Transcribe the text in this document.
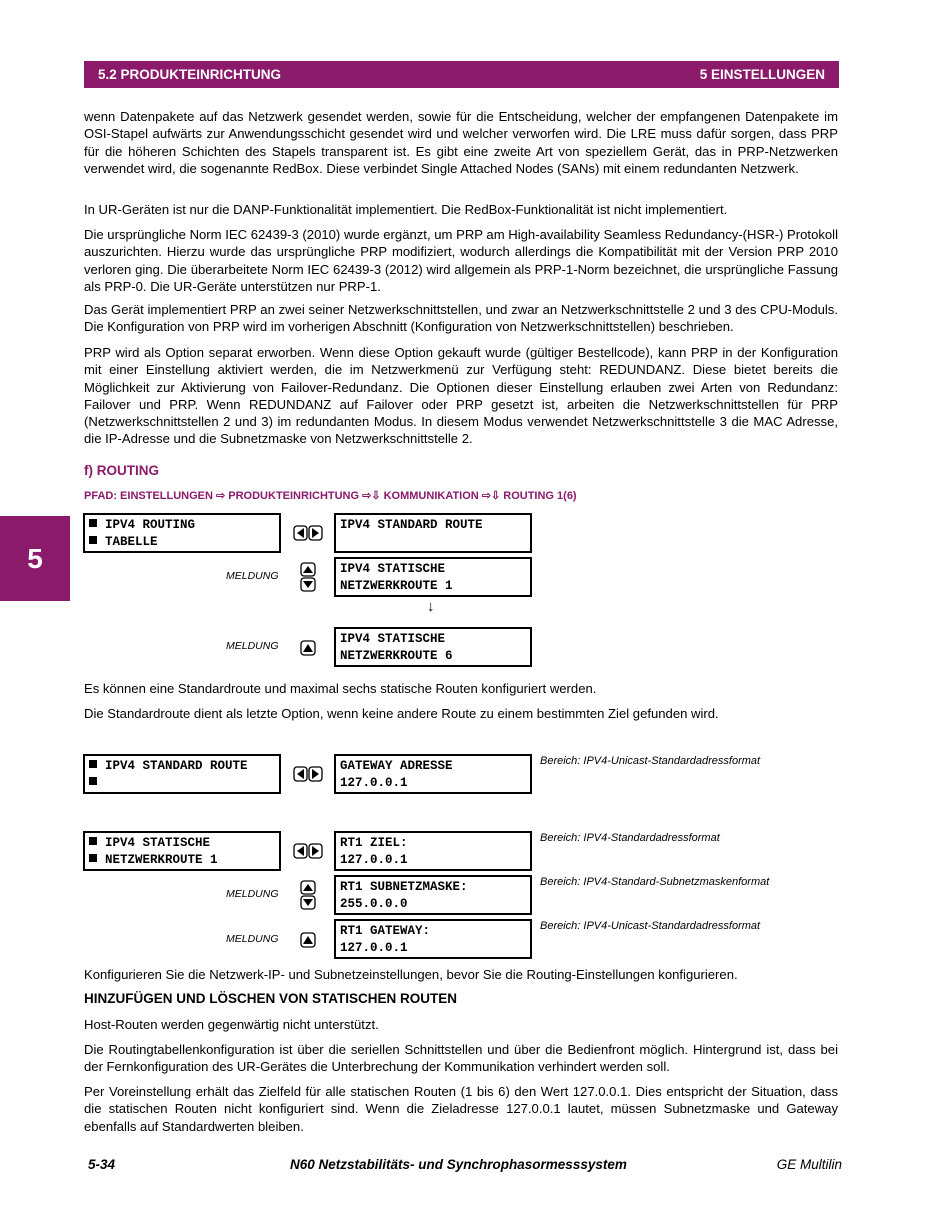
5.2 PRODUKTEINRICHTUNG	5 EINSTELLUNGEN
5

wenn Datenpakete auf das Netzwerk gesendet werden, sowie für die Entscheidung, welcher der empfangenen Datenpakete im OSI-Stapel aufwärts zur Anwendungsschicht gesendet wird und welcher verworfen wird. Die LRE muss dafür sorgen, dass PRP für die höheren Schichten des Stapels transparent ist. Es gibt eine zweite Art von speziellem Gerät, das in PRP-Netzwerken verwendet wird, die sogenannte RedBox. Diese verbindet Single Attached Nodes (SANs) mit einem redundanten Netzwerk.

In UR-Geräten ist nur die DANP-Funktionalität implementiert. Die RedBox-Funktionalität ist nicht implementiert.

Die ursprüngliche Norm IEC 62439-3 (2010) wurde ergänzt, um PRP am High-availability Seamless Redundancy-(HSR-) Protokoll auszurichten. Hierzu wurde das ursprüngliche PRP modifiziert, wodurch allerdings die Kompatibilität mit der Version PRP 2010 verloren ging. Die überarbeitete Norm IEC 62439-3 (2012) wird allgemein als PRP-1-Norm bezeichnet, die ursprüngliche Fassung als PRP-0. Die UR-Geräte unterstützen nur PRP-1.

Das Gerät implementiert PRP an zwei seiner Netzwerkschnittstellen, und zwar an Netzwerkschnittstelle 2 und 3 des CPU-Moduls. Die Konfiguration von PRP wird im vorherigen Abschnitt (Konfiguration von Netzwerkschnittstellen) beschrieben.

PRP wird als Option separat erworben. Wenn diese Option gekauft wurde (gültiger Bestellcode), kann PRP in der Konfiguration mit einer Einstellung aktiviert werden, die im Netzwerkmenü zur Verfügung steht: REDUNDANZ. Diese bietet bereits die Möglichkeit zur Aktivierung von Failover-Redundanz. Die Optionen dieser Einstellung erlauben zwei Arten von Redundanz: Failover und PRP. Wenn REDUNDANZ auf Failover oder PRP gesetzt ist, arbeiten die Netzwerkschnittstellen für PRP (Netzwerkschnittstellen 2 und 3) im redundanten Modus. In diesem Modus verwendet Netzwerkschnittstelle 3 die MAC Adresse, die IP-Adresse und die Subnetzmaske von Netzwerkschnittstelle 2.

f) ROUTING
PFAD: EINSTELLUNGEN ⇨ PRODUKTEINRICHTUNG ⇨⇩ KOMMUNIKATION ⇨⇩ ROUTING 1(6)
IPV4 ROUTING
TABELLE
IPV4 STANDARD ROUTE
MELDUNG	IPV4 STATISCHE
NETZWERKROUTE 1
↓
MELDUNG	IPV4 STATISCHE
NETZWERKROUTE 6

Es können eine Standardroute und maximal sechs statische Routen konfiguriert werden.

Die Standardroute dient als letzte Option, wenn keine andere Route zu einem bestimmten Ziel gefunden wird.

IPV4 STANDARD ROUTE	GATEWAY ADRESSE
127.0.0.1
Bereich: IPV4-Unicast-Standardadressformat
IPV4 STATISCHE
NETZWERKROUTE 1
RT1 ZIEL:
127.0.0.1
Bereich: IPV4-Standardadressformat
MELDUNG	RT1 SUBNETZMASKE:
255.0.0.0
Bereich: IPV4-Standard-Subnetzmaskenformat
MELDUNG
RT1 GATEWAY:
127.0.0.1
Bereich: IPV4-Unicast-Standardadressformat

Konfigurieren Sie die Netzwerk-IP- und Subnetzeinstellungen, bevor Sie die Routing-Einstellungen konfigurieren.

HINZUFÜGEN UND LÖSCHEN VON STATISCHEN ROUTEN

Host-Routen werden gegenwärtig nicht unterstützt.

Die Routingtabellenkonfiguration ist über die seriellen Schnittstellen und über die Bedienfront möglich. Hintergrund ist, dass bei der Fernkonfiguration des UR-Gerätes die Unterbrechung der Kommunikation verhindert werden soll.

Per Voreinstellung erhält das Zielfeld für alle statischen Routen (1 bis 6) den Wert 127.0.0.1. Dies entspricht der Situation, dass die statischen Routen nicht konfiguriert sind. Wenn die Zieladresse 127.0.0.1 lautet, müssen Subnetzmaske und Gateway ebenfalls auf Standardwerten bleiben.

5-34	N60 Netzstabilitäts- und Synchrophasormesssystem	GE Multilin
